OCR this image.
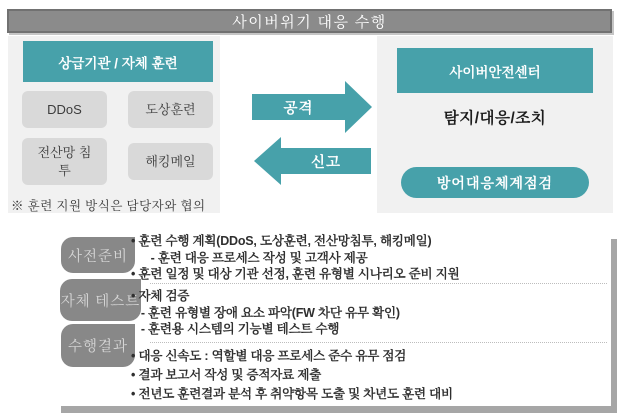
사이버위기 대응 수행
상급기관 / 자체 훈련
DDoS	도상훈련
전산망 침투
해킹메일
※ 훈련 지원 방식은 담당자와 협의
공격
신고
사이버안전센터
탐지/대응/조치
방어대응체계점검
사전준비
자체 테스트
수행결과
• 훈련 수행 계획(DDoS, 도상훈련, 전산망침투, 해킹메일)
- 훈련 대응 프로세스 작성 및 고객사 제공
• 훈련 일정 및 대상 기관 선정, 훈련 유형별 시나리오 준비 지원
• 자체 검증
- 훈련 유형별 장애 요소 파악(FW 차단 유무 확인)
- 훈련용 시스템의 기능별 테스트 수행
• 대응 신속도 : 역할별 대응 프로세스 준수 유무 점검
• 결과 보고서 작성 및 증적자료 제출
• 전년도 훈련결과 분석 후 취약항목 도출 및 차년도 훈련 대비
